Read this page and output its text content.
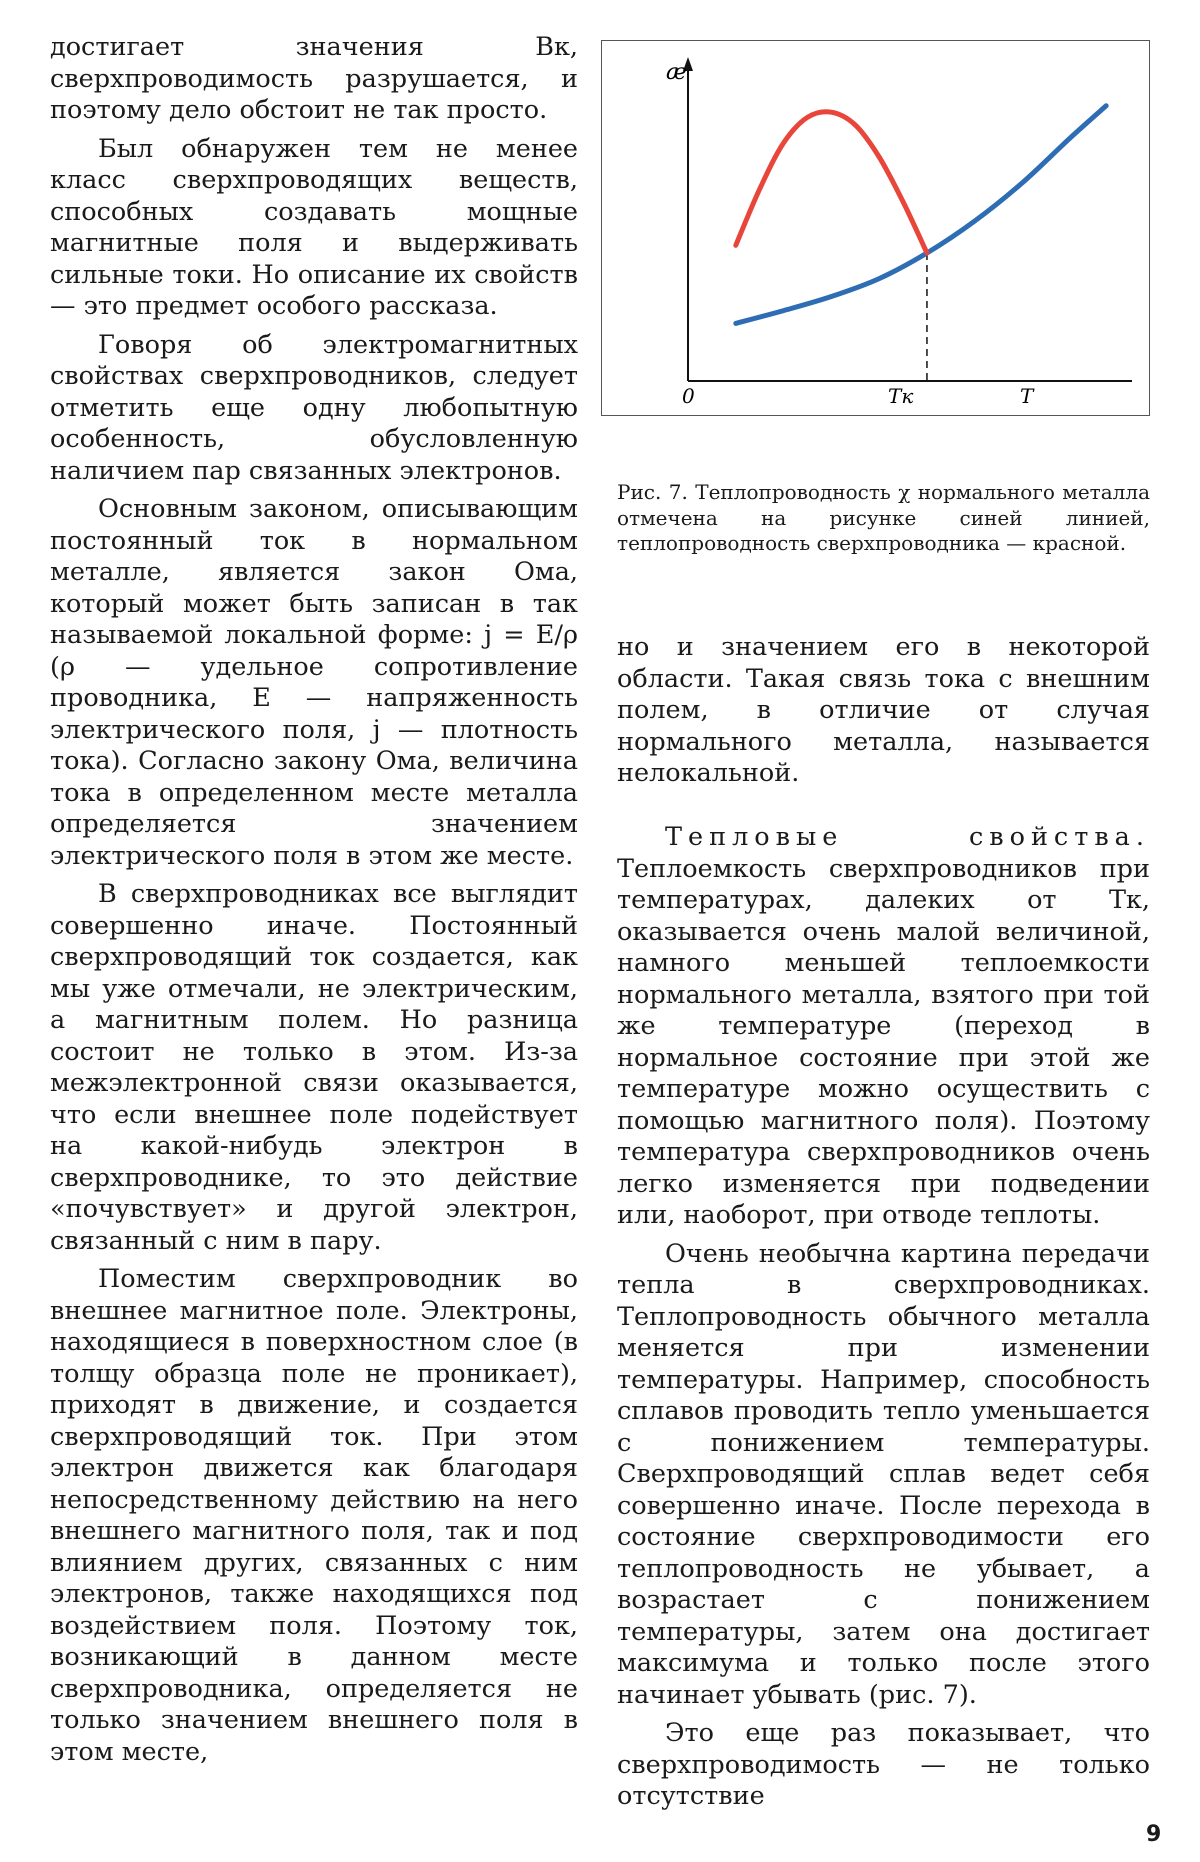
достигает значения Bк, сверхпроводимость разрушается, и поэтому дело обстоит не так просто.

Был обнаружен тем не менее класс сверхпроводящих веществ, способных создавать мощные магнитные поля и выдерживать сильные токи. Но описание их свойств — это предмет особого рассказа.

Говоря об электромагнитных свойствах сверхпроводников, следует отметить еще одну любопытную особенность, обусловленную наличием пар связанных электронов.

Основным законом, описывающим постоянный ток в нормальном металле, является закон Ома, который может быть записан в так называемой локальной форме: j = E/ρ (ρ — удельное сопротивление проводника, E — напряженность электрического поля, j — плотность тока). Согласно закону Ома, величина тока в определенном месте металла определяется значением электрического поля в этом же месте.

В сверхпроводниках все выглядит совершенно иначе. Постоянный сверхпроводящий ток создается, как мы уже отмечали, не электрическим, а магнитным полем. Но разница состоит не только в этом. Из-за межэлектронной связи оказывается, что если внешнее поле подействует на какой-нибудь электрон в сверхпроводнике, то это действие «почувствует» и другой электрон, связанный с ним в пару.

Поместим сверхпроводник во внешнее магнитное поле. Электроны, находящиеся в поверхностном слое (в толщу образца поле не проникает), приходят в движение, и создается сверхпроводящий ток. При этом электрон движется как благодаря непосредственному действию на него внешнего магнитного поля, так и под влиянием других, связанных с ним электронов, также находящихся под воздействием поля. Поэтому ток, возникающий в данном месте сверхпроводника, определяется не только значением внешнего поля в этом месте,

æ
0	Tк	T
Рис. 7. Теплопроводность χ нормального металла отмечена на рисунке синей линией, теплопроводность сверхпроводника — красной.

но и значением его в некоторой области. Такая связь тока с внешним полем, в отличие от случая нормального металла, называется нелокальной.

Тепловые свойства. Теплоемкость сверхпроводников при температурах, далеких от Tк, оказывается очень малой величиной, намного меньшей теплоемкости нормального металла, взятого при той же температуре (переход в нормальное состояние при этой же температуре можно осуществить с помощью магнитного поля). Поэтому температура сверхпроводников очень легко изменяется при подведении или, наоборот, при отводе теплоты.

Очень необычна картина передачи тепла в сверхпроводниках. Теплопроводность обычного металла меняется при изменении температуры. Например, способность сплавов проводить тепло уменьшается с понижением температуры. Сверхпроводящий сплав ведет себя совершенно иначе. После перехода в состояние сверхпроводимости его теплопроводность не убывает, а возрастает с понижением температуры, затем она достигает максимума и только после этого начинает убывать (рис. 7).

Это еще раз показывает, что сверхпроводимость — не только отсутствие

9
